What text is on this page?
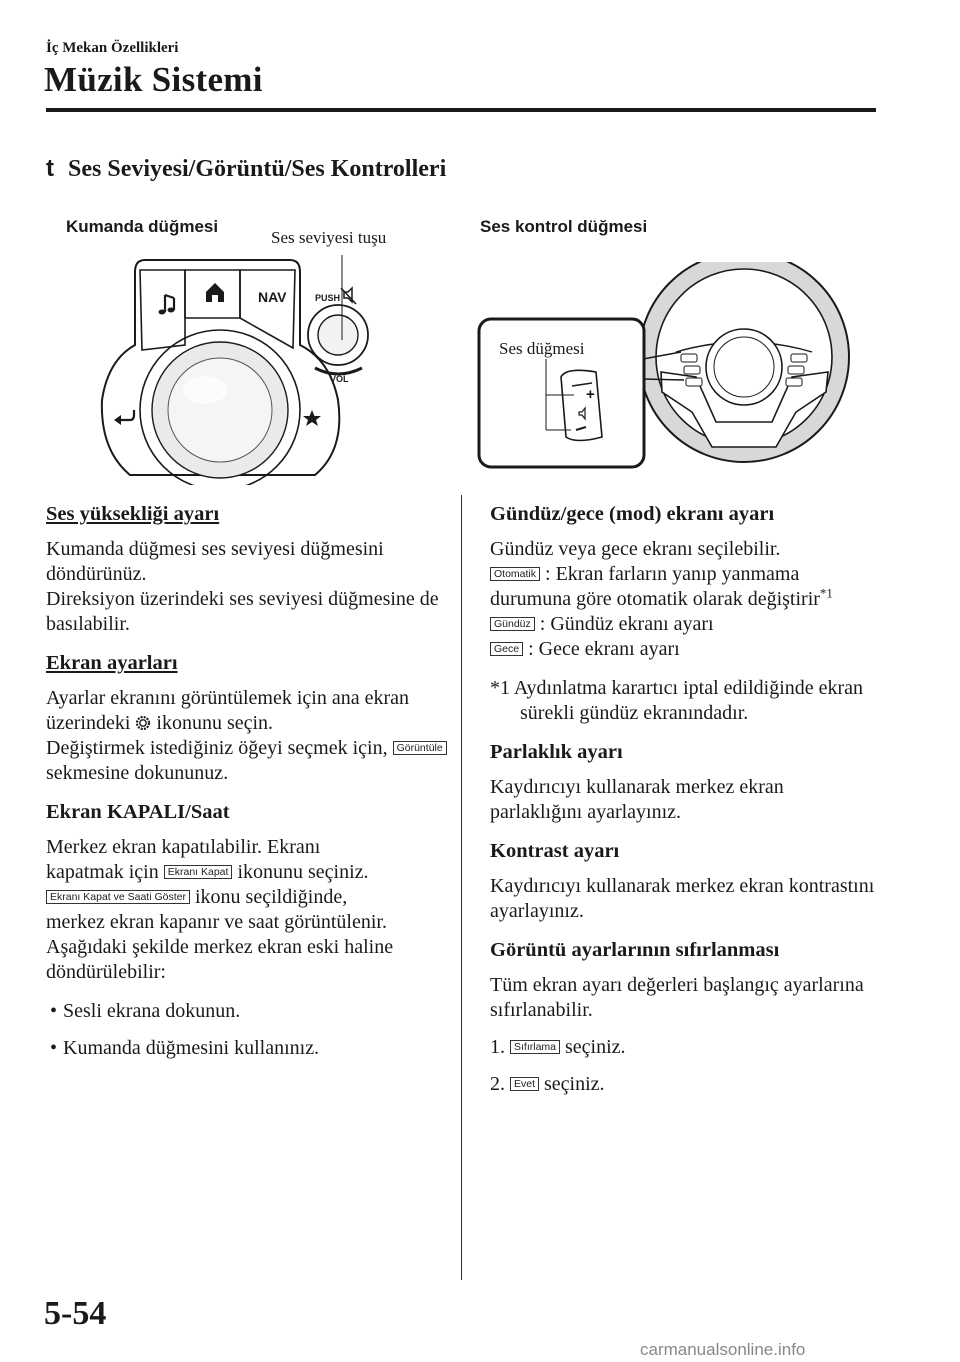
İç Mekan Özellikleri
Müzik Sistemi
t Ses Seviyesi/Görüntü/Ses Kontrolleri
Kumanda düğmesi
Ses seviyesi tuşu
Ses kontrol düğmesi
NAV	PUSH
VOL
+
Ses düğmesi

Ses yüksekliği ayarı

Kumanda düğmesi ses seviyesi düğmesini döndürünüz.

Direksiyon üzerindeki ses seviyesi düğmesine de basılabilir.

Ekran ayarları

Ayarlar ekranını görüntülemek için ana ekran üzerindeki ikonunu seçin.

Değiştirmek istediğiniz öğeyi seçmek için, Görüntüle sekmesine dokununuz.

Ekran KAPALI/Saat

Merkez ekran kapatılabilir. Ekranı

kapatmak için Ekranı Kapat ikonunu seçiniz.

Ekranı Kapat ve Saati Göster ikonu seçildiğinde,

merkez ekran kapanır ve saat görüntülenir.

Aşağıdaki şekilde merkez ekran eski haline döndürülebilir:

• Sesli ekrana dokunun.

• Kumanda düğmesini kullanınız.

Gündüz/gece (mod) ekranı ayarı

Gündüz veya gece ekranı seçilebilir.

Otomatik : Ekran farların yanıp yanmama durumuna göre otomatik olarak değiştirir$^{*1}$

Gündüz : Gündüz ekranı ayarı

Gece : Gece ekranı ayarı

*1 Aydınlatma karartıcı iptal edildiğinde ekran sürekli gündüz ekranındadır.

Parlaklık ayarı

Kaydırıcıyı kullanarak merkez ekran parlaklığını ayarlayınız.

Kontrast ayarı

Kaydırıcıyı kullanarak merkez ekran kontrastını ayarlayınız.

Görüntü ayarlarının sıfırlanması

Tüm ekran ayarı değerleri başlangıç ayarlarına sıfırlanabilir.

1. Sıfırlama seçiniz.

2. Evet seçiniz.

5-54
carmanualsonline.info
